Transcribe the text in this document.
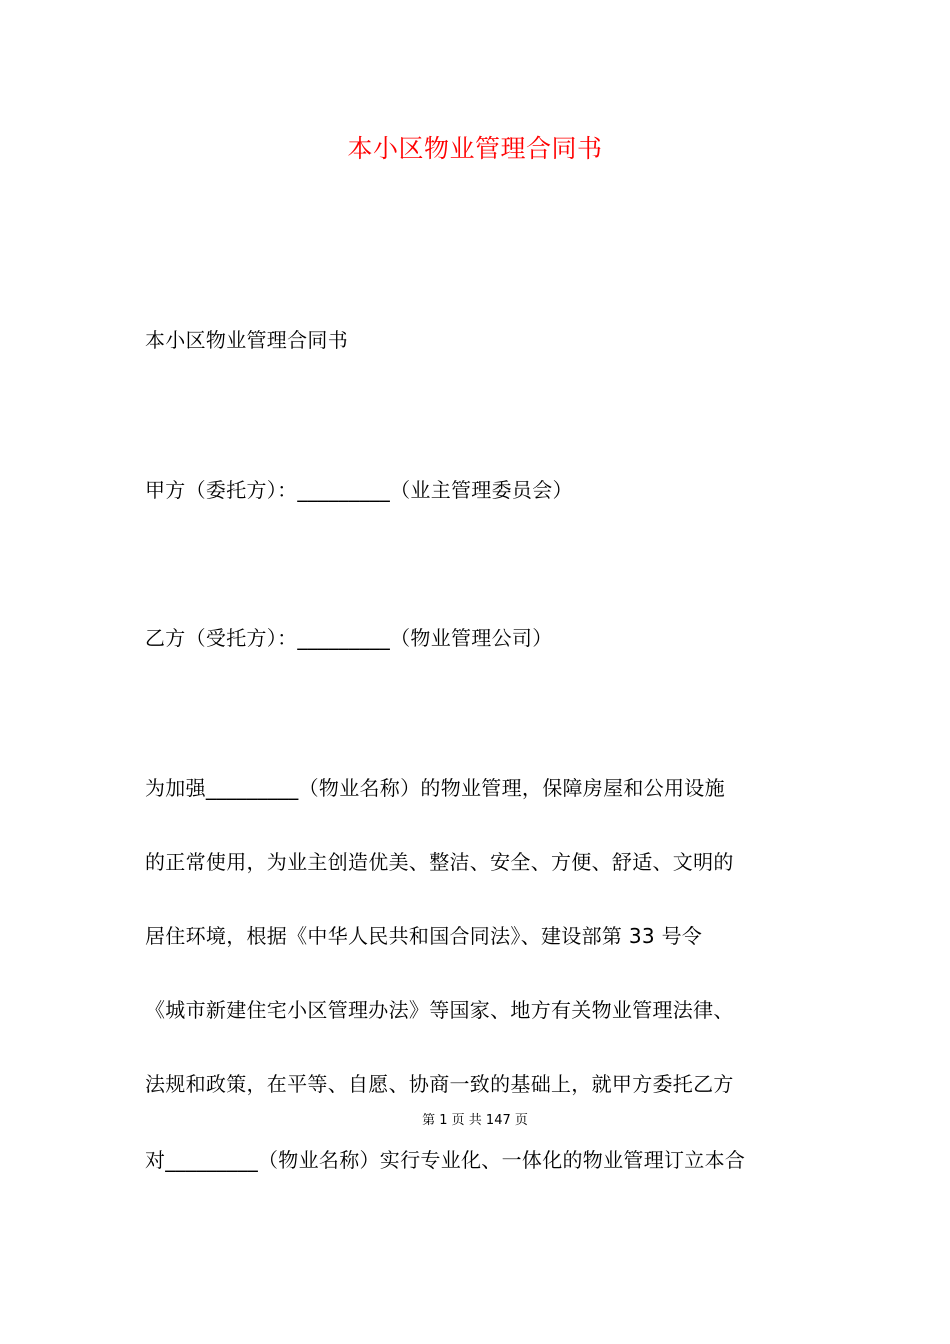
本小区物业管理合同书
本小区物业管理合同书
甲方（委托方）：_________（业主管理委员会）
乙方（受托方）：_________（物业管理公司）
为加强_________（物业名称）的物业管理，保障房屋和公用设施
的正常使用，为业主创造优美、整洁、安全、方便、舒适、文明的
居住环境，根据《中华人民共和国合同法》、建设部第 33 号令
《城市新建住宅小区管理办法》等国家、地方有关物业管理法律、
法规和政策，在平等、自愿、协商一致的基础上，就甲方委托乙方
第 1 页 共 147 页
对_________（物业名称）实行专业化、一体化的物业管理订立本合
